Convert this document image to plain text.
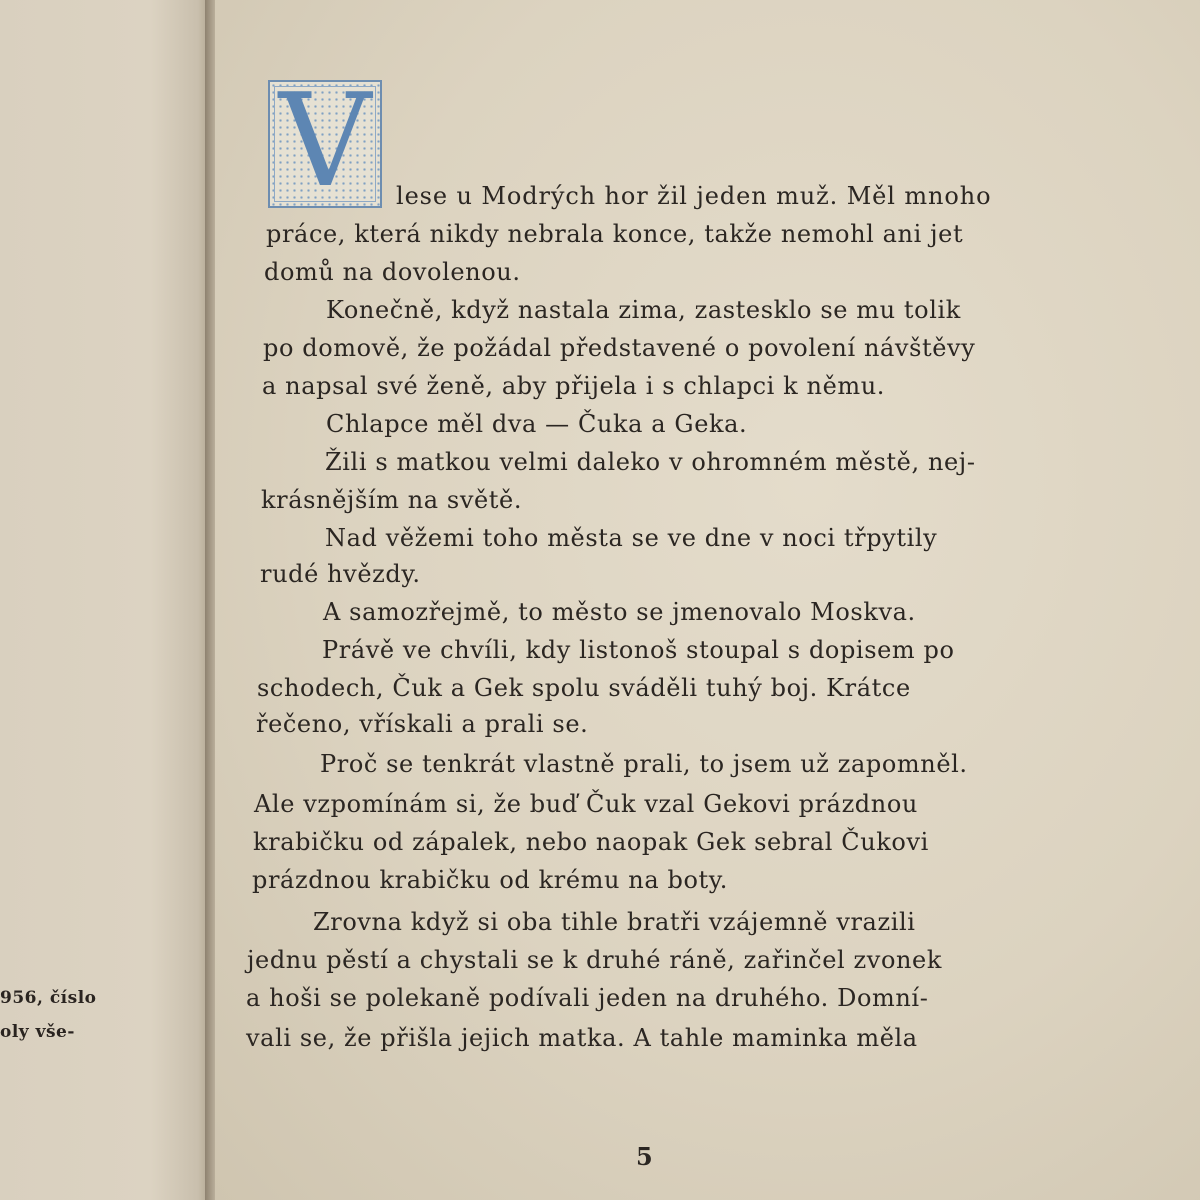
956, číslo
oly vše-
V	lese u Modrých hor žil jeden muž. Měl mnoho
práce, která nikdy nebrala konce, takže nemohl ani jet
domů na dovolenou.
Konečně, když nastala zima, zastesklo se mu tolik
po domově, že požádal představené o povolení návštěvy
a napsal své ženě, aby přijela i s chlapci k němu.
Chlapce měl dva — Čuka a Geka.
Žili s matkou velmi daleko v ohromném městě, nej-
krásnějším na světě.
Nad věžemi toho města se ve dne v noci třpytily
rudé hvězdy.
A samozřejmě, to město se jmenovalo Moskva.
Právě ve chvíli, kdy listonoš stoupal s dopisem po
schodech, Čuk a Gek spolu sváděli tuhý boj. Krátce
řečeno, vřískali a prali se.
Proč se tenkrát vlastně prali, to jsem už zapomněl.
Ale vzpomínám si, že buď Čuk vzal Gekovi prázdnou
krabičku od zápalek, nebo naopak Gek sebral Čukovi
prázdnou krabičku od krému na boty.
Zrovna když si oba tihle bratři vzájemně vrazili
jednu pěstí a chystali se k druhé ráně, zařinčel zvonek
a hoši se polekaně podívali jeden na druhého. Domní-
vali se, že přišla jejich matka. A tahle maminka měla
5
